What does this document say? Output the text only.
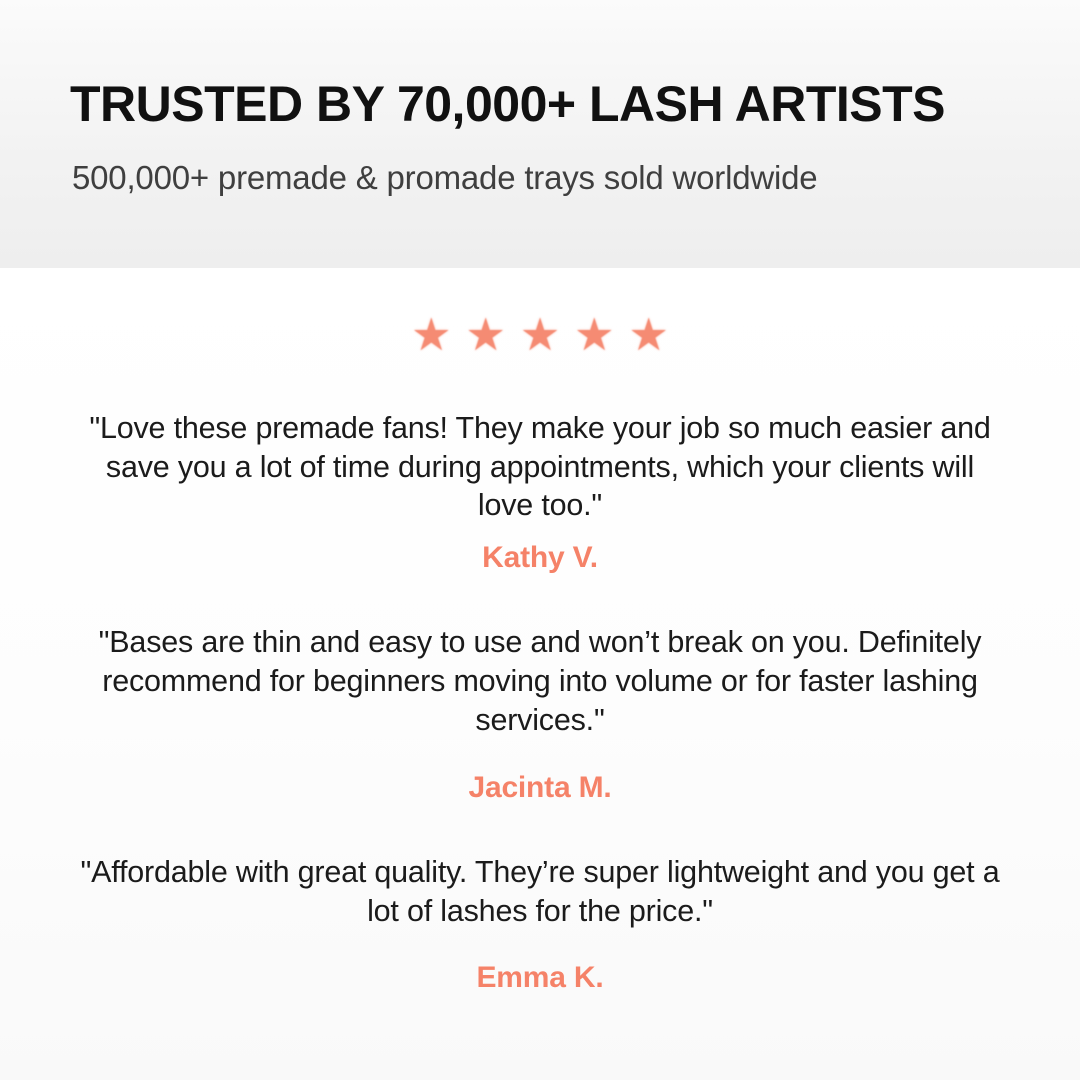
TRUSTED BY 70,000+ LASH ARTISTS
500,000+ premade & promade trays sold worldwide
★ ★ ★ ★ ★
"Love these premade fans! They make your job so much easier and save you a lot of time during appointments, which your clients will love too."
Kathy V.
"Bases are thin and easy to use and won’t break on you. Definitely recommend for beginners moving into volume or for faster lashing services."
Jacinta M.
"Affordable with great quality. They’re super lightweight and you get a lot of lashes for the price."
Emma K.
